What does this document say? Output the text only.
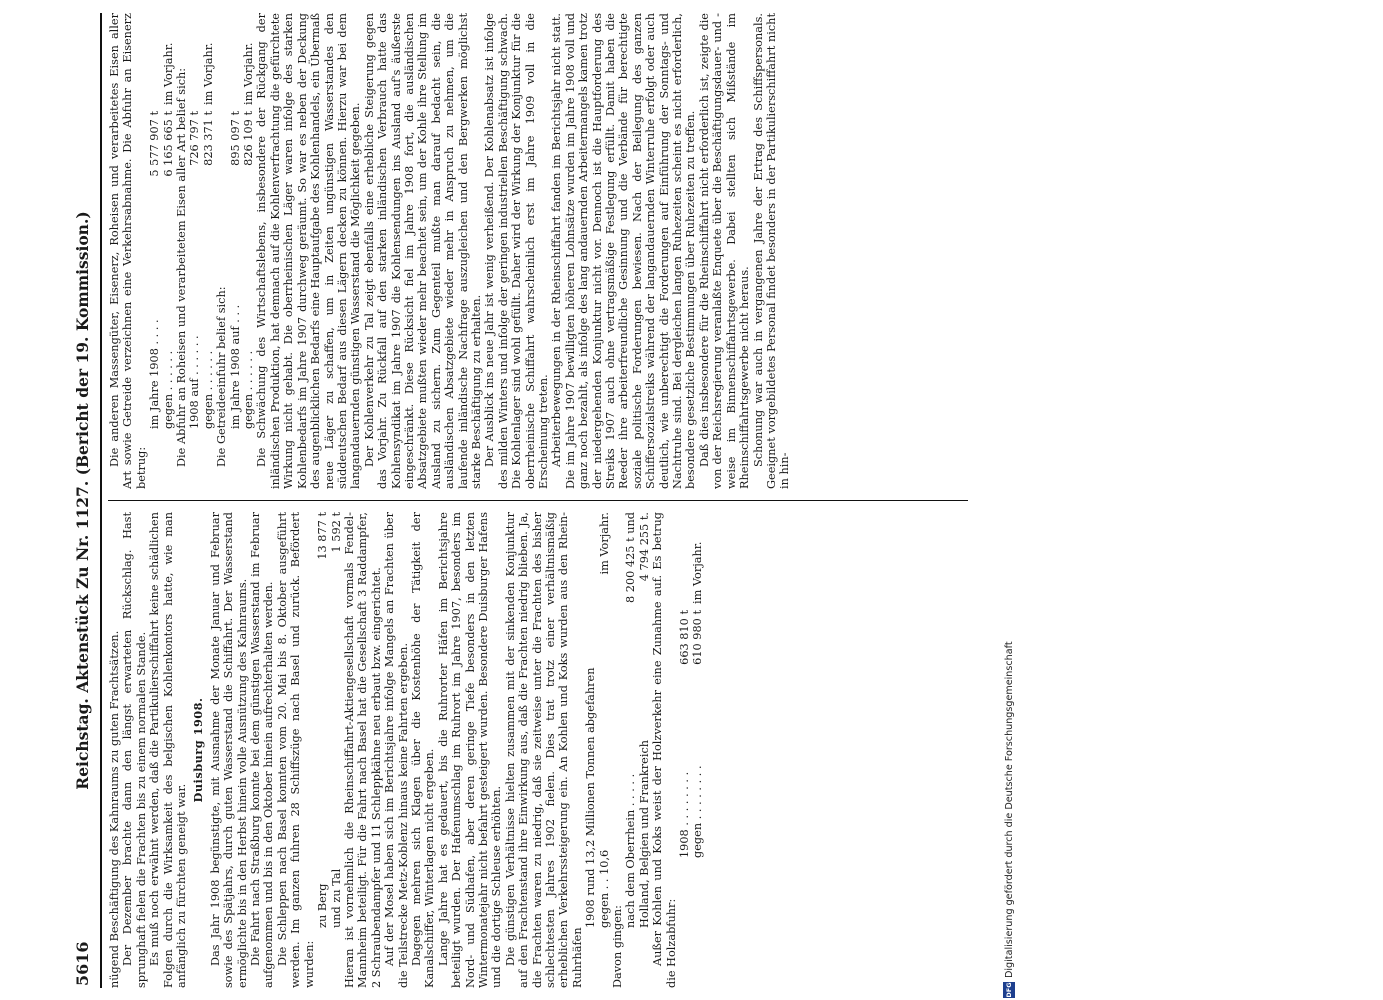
5616
Reichstag. Aktenstück Zu Nr. 1127. (Bericht der 19. Kommission.)

nügend Beschäftigung des Kahnraums zu guten Frachtsätzen. Der Dezember brachte dann den längst erwarteten Rückschlag. Hast sprunghaft fielen die Frachten bis zu einem normalen Stande. Es muß noch erwähnt werden, daß die Partikulierschiffahrt keine schädlichen Folgen durch die Wirksamkeit des belgischen Kohlenkontors hatte, wie man anfänglich zu fürchten geneigt war.

Duisburg 1908. Das Jahr 1908 begünstigte, mit Ausnahme der Monate Januar und Februar sowie des Spätjahrs, durch guten Wasserstand die Schiffahrt. Der Wasserstand ermöglichte bis in den Herbst hinein volle Ausnützung des Kahnraums. Die Fahrt nach Straßburg konnte bei dem günstigen Wasserstand im Februar aufgenommen und bis in den Oktober hinein aufrechterhalten werden. Die Schleppen nach Basel konnten vom 20. Mai bis 8. Oktober ausgeführt werden. Im ganzen fuhren 28 Schiffszüge nach Basel und zurück. Befördert wurden:

zu Berg
13 877 t
und zu Tal
1 592 t Hieran ist vornehmlich die Rheinschiffahrt-Aktiengesellschaft vormals Fendel-Mannheim beteiligt. Für die Fahrt nach Basel hat die Gesellschaft 3 Raddampfer, 2 Schraubendampfer und 11 Schleppkähne neu erbaut bzw. eingerichtet. Auf der Mosel haben sich im Berichtsjahre infolge Mangels an Frachten über die Teilstrecke Metz-Koblenz hinaus keine Fahrten ergeben. Dagegen mehren sich Klagen über die Kostenhöhe der Tätigkeit der Kanalschiffer, Winterlagen nicht ergeben. Lange Jahre hat es gedauert, bis die Ruhrorter Häfen im Berichtsjahre beteiligt wurden. Der Hafenumschlag im Ruhrort im Jahre 1907, besonders im Nord- und Südhafen, aber deren geringe Tiefe besonders in den letzten Wintermonatejahr nicht befahrt gesteigert wurden. Besondere Duisburger Hafens und die dortige Schleuse erhöhten. Die günstigen Verhältnisse hielten zusammen mit der sinkenden Konjunktur auf den Frachtenstand ihre Einwirkung aus, daß die Frachten niedrig blieben. Ja, die Frachten waren zu niedrig, daß sie zeitweise unter die Frachten des bisher schlechtesten Jahres 1902 fielen. Dies trat trotz einer verhältnismäßig erheblichen Verkehrssteigerung ein. An Kohlen und Koks wurden aus den Rhein-Ruhrhäfen

1908 rund 13,2 Millionen Tonnen abgefahren gegen . . 10,6
im Vorjahr.

Davon gingen:

nach dem Oberrhein . . . . .
8 200 425 t und
Holland, Belgien und Frankreich
4 794 255 t. Außer Kohlen und Koks weist der Holzverkehr eine Zunahme auf. Es betrug die Holzabfuhr:

1908 . . . . . . . .
663 810 t
gegen . . . . . . . .
610 980 t
im Vorjahr.

Die anderen Massengüter, Eisenerz, Roheisen und verarbeitetes Eisen aller Art sowie Getreide verzeichnen eine Verkehrsabnahme. Die Abfuhr an Eisenerz betrug:

im Jahre 1908 . . . .
5 577 907 t
gegen . . . . . .
6 165 665 t
im Vorjahr. Die Abfuhr an Roheisen und verarbeitetem Eisen aller Art belief sich: 1908 auf . . . . . .
726 797 t
gegen . . . . . .
823 371 t
im Vorjahr.

Die Getreideeinfuhr belief sich: im Jahre 1908 auf . . .
895 097 t
gegen . . . . . .
826 109 t
im Vorjahr. Die Schwächung des Wirtschaftslebens, insbesondere der Rückgang der inländischen Produktion, hat demnach auf die Kohlenverfrachtung die gefürchtete Wirkung nicht gehabt. Die oberrheinischen Läger waren infolge des starken Kohlenbedarfs im Jahre 1907 durchweg geräumt. So war es neben der Deckung des augenblicklichen Bedarfs eine Hauptaufgabe des Kohlenhandels, ein Übermaß neue Läger zu schaffen, um in Zeiten ungünstigen Wasserstandes den süddeutschen Bedarf aus diesen Lägern decken zu können. Hierzu war bei dem langandauernden günstigen Wasserstand die Möglichkeit gegeben. Der Kohlenverkehr zu Tal zeigt ebenfalls eine erhebliche Steigerung gegen das Vorjahr. Zu Rückfall auf den starken inländischen Verbrauch hatte das Kohlensyndikat im Jahre 1907 die Kohlensendungen ins Ausland auf's äußerste eingeschränkt. Diese Rücksicht fiel im Jahre 1908 fort, die ausländischen Absatzgebiete mußten wieder mehr beachtet sein, um der Kohle ihre Stellung im Ausland zu sichern. Zum Gegenteil mußte man darauf bedacht sein, die ausländischen Absatzgebiete wieder mehr in Anspruch zu nehmen, um die laufende inländische Nachfrage auszugleichen und den Bergwerken möglichst starke Beschäftigung zu erhalten. Der Ausblick ins neue Jahr ist wenig verheißend. Der Kohlenabsatz ist infolge des milden Winters und infolge der geringen industriellen Beschäftigung schwach. Die Kohlenlager sind wohl gefüllt. Daher wird der Wirkung der Konjunktur für die oberrheinische Schiffahrt wahrscheinlich erst im Jahre 1909 voll in die Erscheinung treten. Arbeiterbewegungen in der Rheinschiffahrt fanden im Berichtsjahr nicht statt. Die im Jahre 1907 bewilligten höheren Lohnsätze wurden im Jahre 1908 voll und ganz noch bezahlt, als infolge des lang andauernden Arbeitermangels kamen trotz der niedergehenden Konjunktur nicht vor. Dennoch ist die Hauptforderung des Streiks 1907 auch ohne vertragsmäßige Festlegung erfüllt. Damit haben die Reeder ihre arbeiterfreundliche Gesinnung und die Verbände für berechtigte soziale politische Forderungen bewiesen. Nach der Beilegung des ganzen Schiffersozialstreiks während der langandauernden Winterruhe erfolgt oder auch deutlich, wie unberechtigt die Forderungen auf Einführung der Sonntags- und Nachtruhe sind. Bei dergleichen langen Ruhezeiten scheint es nicht erforderlich, besondere gesetzliche Bestimmungen über Ruhezeiten zu treffen. Daß dies insbesondere für die Rheinschiffahrt nicht erforderlich ist, zeigte die von der Reichsregierung veranlaßte Enquete über die Beschäftigungsdauer- und -weise im Binnenschiffahrtsgewerbe. Dabei stellten sich Mißstände im Rheinschiffahrtsgewerbe nicht heraus. Schonung war auch in vergangenen Jahre der Ertrag des Schiffspersonals. Geeignet vorgebildetes Personal findet besonders in der Partikulierschiffahrt nicht in hin-

DFG
Digitalisierung gefördert durch die Deutsche Forschungsgemeinschaft
